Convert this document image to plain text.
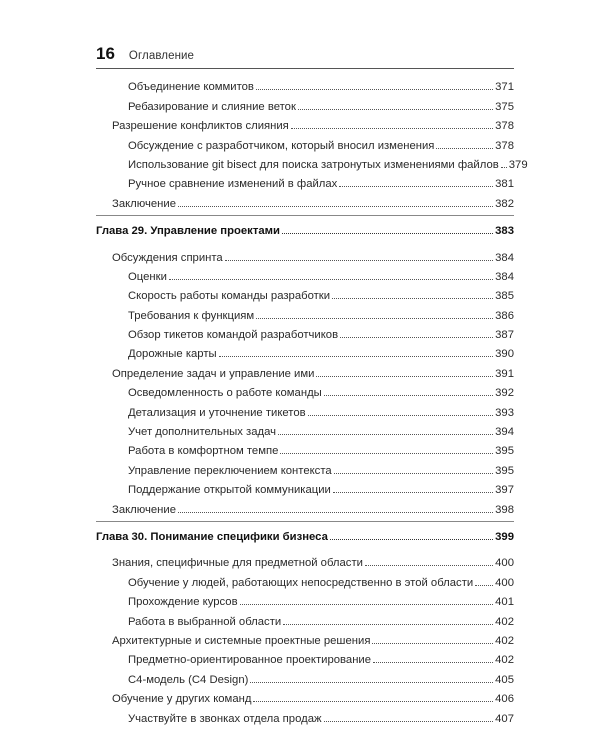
16 Оглавление
Объединение коммитов	371
Ребазирование и слияние веток	375
Разрешение конфликтов слияния	378
Обсуждение с разработчиком, который вносил изменения	378
Использование git bisect для поиска затронутых изменениями файлов 379
Ручное сравнение изменений в файлах	381
Заключение	382
Глава 29. Управление проектами	383
Обсуждения спринта	384
Оценки	384
Скорость работы команды разработки	385
Требования к функциям	386
Обзор тикетов командой разработчиков	387
Дорожные карты	390
Определение задач и управление ими	391
Осведомленность о работе команды	392
Детализация и уточнение тикетов	393
Учет дополнительных задач	394
Работа в комфортном темпе	395
Управление переключением контекста	395
Поддержание открытой коммуникации	397
Заключение	398
Глава 30. Понимание специфики бизнеса	399
Знания, специфичные для предметной области	400
Обучение у людей, работающих непосредственно в этой области 400
Прохождение курсов	401
Работа в выбранной области	402
Архитектурные и системные проектные решения	402
Предметно-ориентированное проектирование	402
С4-модель (C4 Design)	405
Обучение у других команд	406
Участвуйте в звонках отдела продаж	407
